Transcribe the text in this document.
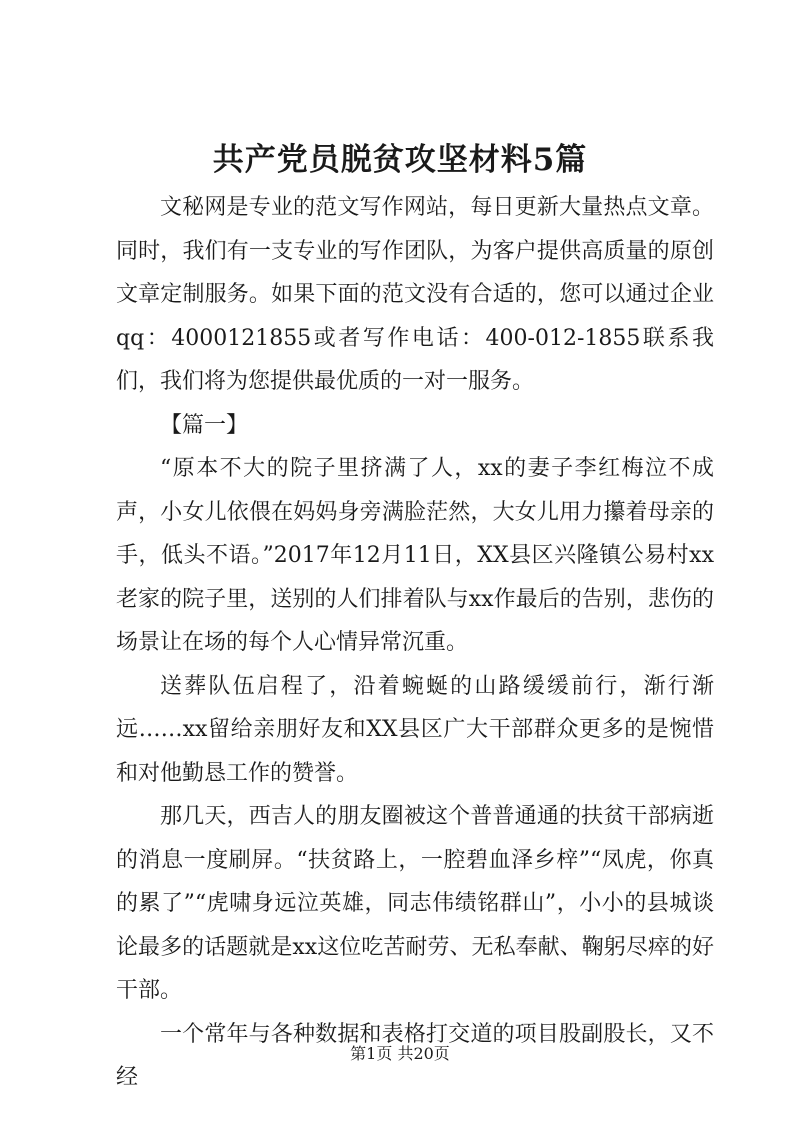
共产党员脱贫攻坚材料5篇

文秘网是专业的范文写作网站，每日更新大量热点文章。同时，我们有一支专业的写作团队，为客户提供高质量的原创文章定制服务。如果下面的范文没有合适的，您可以通过企业qq：4000121855或者写作电话：400-012-1855联系我们，我们将为您提供最优质的一对一服务。

【篇一】

“原本不大的院子里挤满了人，xx的妻子李红梅泣不成声，小女儿依偎在妈妈身旁满脸茫然，大女儿用力攥着母亲的手，低头不语。”2017年12月11日，XX县区兴隆镇公易村xx老家的院子里，送别的人们排着队与xx作最后的告别，悲伤的场景让在场的每个人心情异常沉重。

送葬队伍启程了，沿着蜿蜒的山路缓缓前行，渐行渐远……xx留给亲朋好友和XX县区广大干部群众更多的是惋惜和对他勤恳工作的赞誉。

那几天，西吉人的朋友圈被这个普普通通的扶贫干部病逝的消息一度刷屏。“扶贫路上，一腔碧血泽乡梓”“凤虎，你真的累了”“虎啸身远泣英雄，同志伟绩铭群山”，小小的县城谈论最多的话题就是xx这位吃苦耐劳、无私奉献、鞠躬尽瘁的好干部。

一个常年与各种数据和表格打交道的项目股副股长，又不经

第1页 共20页
